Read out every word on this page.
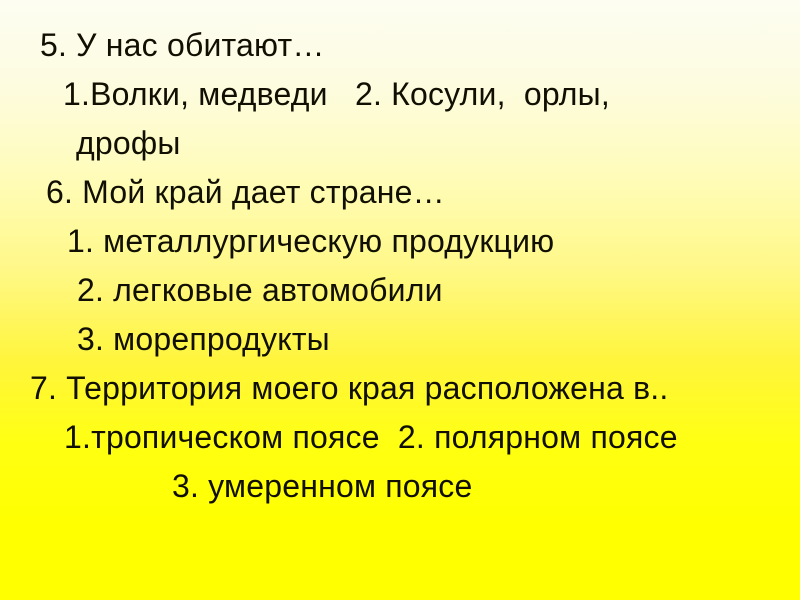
5. У нас обитают…
1.Волки, медведи   2. Косули,  орлы,
дрофы
6. Мой край дает стране…
1. металлургическую продукцию
2. легковые автомобили
3. морепродукты
7. Территория моего края расположена в..
1.тропическом поясе  2. полярном поясе
3. умеренном поясе
